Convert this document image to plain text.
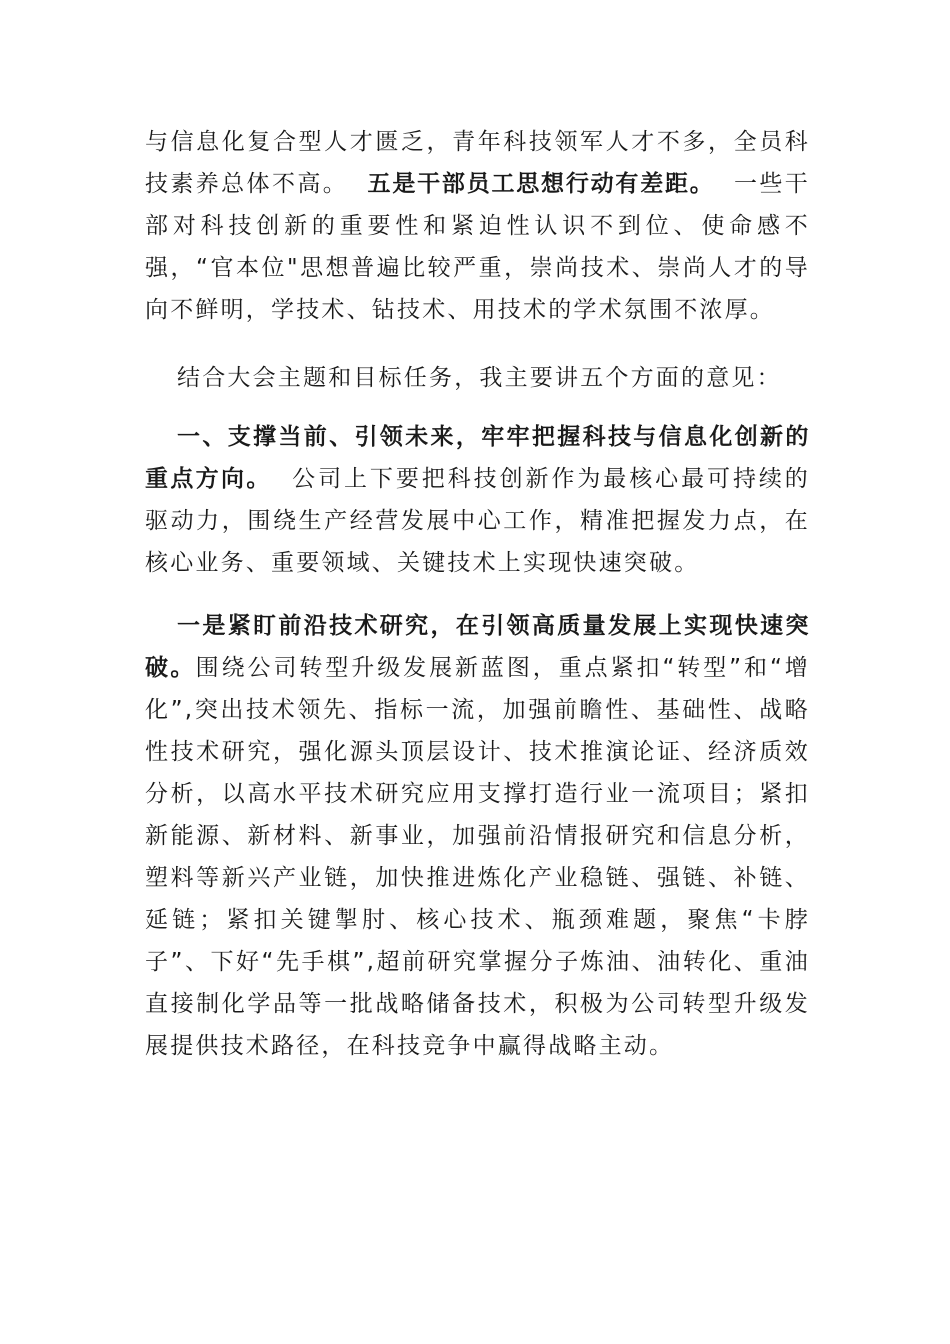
与信息化复合型人才匮乏，青年科技领军人才不多，全员科技素养总体不高。 五是干部员工思想行动有差距。 一些干部对科技创新的重要性和紧迫性认识不到位、使命感不强，“官本位"思想普遍比较严重，崇尚技术、崇尚人才的导向不鲜明，学技术、钻技术、用技术的学术氛围不浓厚。

结合大会主题和目标任务，我主要讲五个方面的意见：

一、支撑当前、引领未来，牢牢把握科技与信息化创新的重点方向。 公司上下要把科技创新作为最核心最可持续的驱动力，围绕生产经营发展中心工作，精准把握发力点，在核心业务、重要领域、关键技术上实现快速突破。

一是紧盯前沿技术研究，在引领高质量发展上实现快速突破。围绕公司转型升级发展新蓝图，重点紧扣“转型”和“增化”,突出技术领先、指标一流，加强前瞻性、基础性、战略性技术研究，强化源头顶层设计、技术推演论证、经济质效分析，以高水平技术研究应用支撑打造行业一流项目；紧扣新能源、新材料、新事业，加强前沿情报研究和信息分析，塑料等新兴产业链，加快推进炼化产业稳链、强链、补链、延链；紧扣关键掣肘、核心技术、瓶颈难题，聚焦“卡脖子”、下好“先手棋”,超前研究掌握分子炼油、油转化、重油直接制化学品等一批战略储备技术，积极为公司转型升级发展提供技术路径，在科技竞争中赢得战略主动。
